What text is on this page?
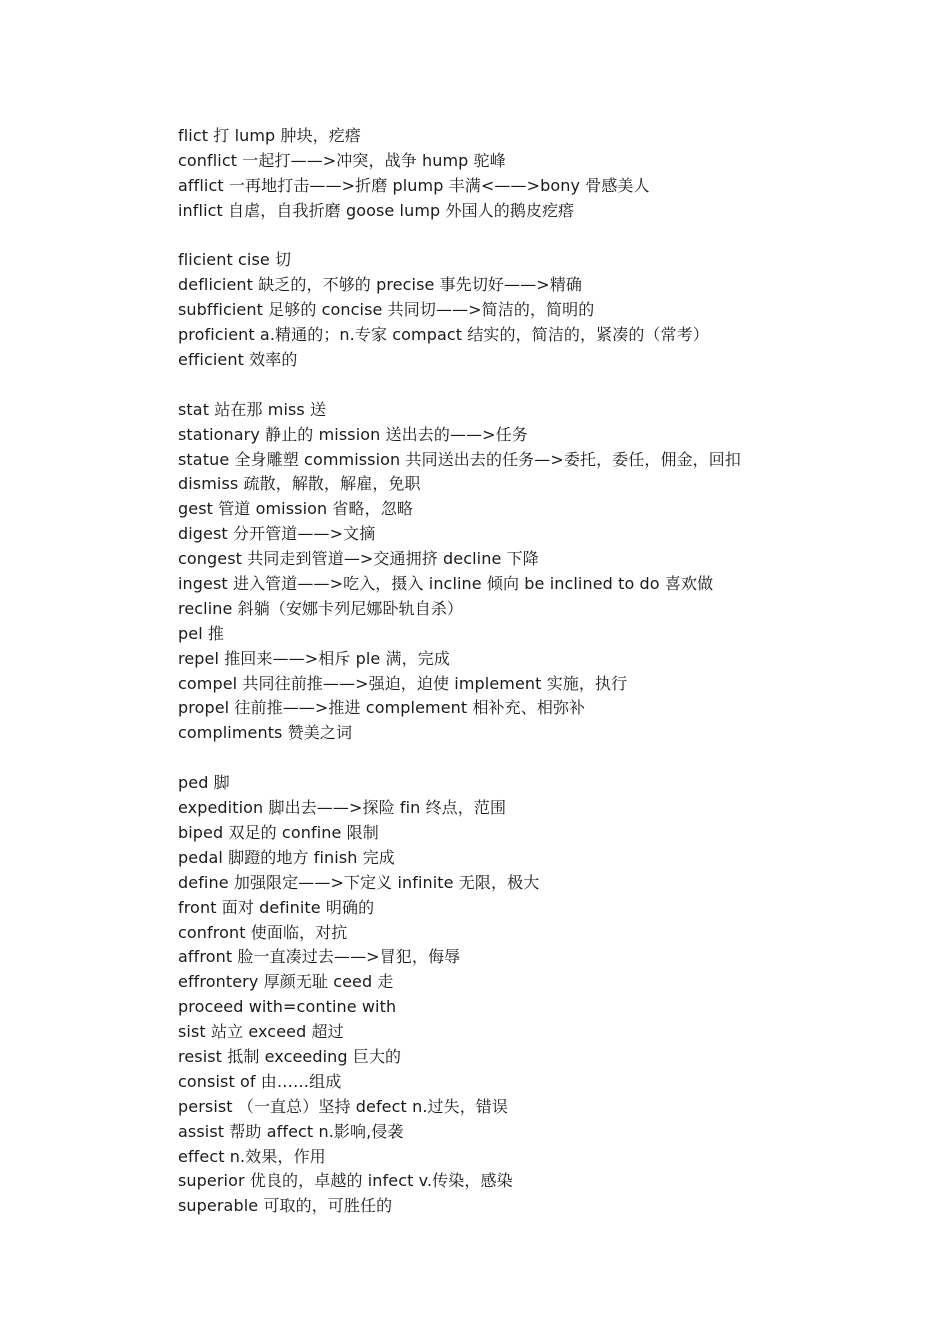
flict 打 lump 肿块，疙瘩
conflict 一起打——>冲突，战争 hump 驼峰
afflict 一再地打击——>折磨 plump 丰满<——>bony 骨感美人
inflict 自虐，自我折磨 goose lump 外国人的鹅皮疙瘩
flicient cise 切
deflicient 缺乏的，不够的 precise 事先切好——>精确
subfficient 足够的 concise 共同切——>简洁的，简明的
proficient a.精通的；n.专家 compact 结实的，简洁的，紧凑的（常考）
efficient 效率的
stat 站在那 miss 送
stationary 静止的 mission 送出去的——>任务
statue 全身雕塑 commission 共同送出去的任务—>委托，委任，佣金，回扣
dismiss 疏散，解散，解雇，免职
gest 管道 omission 省略，忽略
digest 分开管道——>文摘
congest 共同走到管道—>交通拥挤 decline 下降
ingest 进入管道——>吃入，摄入 incline 倾向 be inclined to do 喜欢做
recline 斜躺（安娜卡列尼娜卧轨自杀）
pel 推
repel 推回来——>相斥 ple 满，完成
compel 共同往前推——>强迫，迫使 implement 实施，执行
propel 往前推——>推进 complement 相补充、相弥补
compliments 赞美之词
ped 脚
expedition 脚出去——>探险 fin 终点，范围
biped 双足的 confine 限制
pedal 脚蹬的地方 finish 完成
define 加强限定——>下定义 infinite 无限，极大
front 面对 definite 明确的
confront 使面临，对抗
affront 脸一直凑过去——>冒犯，侮辱
effrontery 厚颜无耻 ceed 走
proceed with=contine with
sist 站立 exceed 超过
resist 抵制 exceeding 巨大的
consist of 由……组成
persist （一直总）坚持 defect n.过失，错误
assist 帮助 affect n.影响,侵袭
effect n.效果，作用
superior 优良的，卓越的 infect v.传染，感染
superable 可取的，可胜任的
